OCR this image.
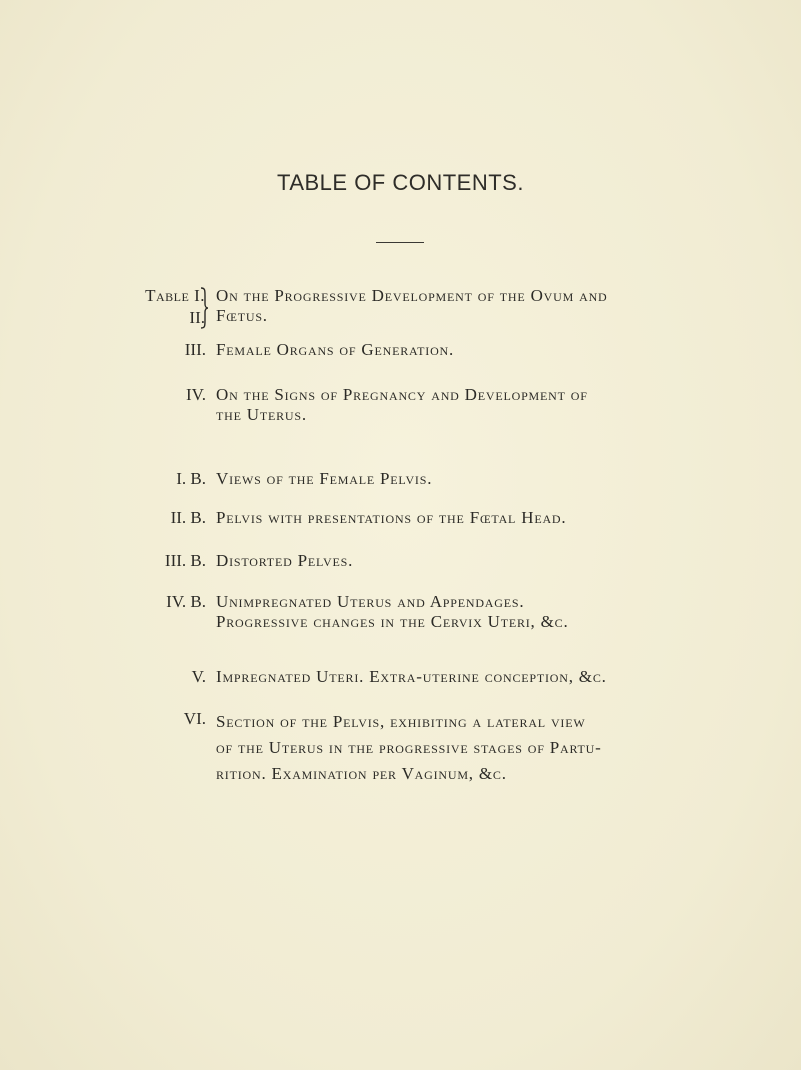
TABLE OF CONTENTS.
Table I.
II.
On the Progressive Development of the Ovum and
Fœtus.
III. Female Organs of Generation.
IV. On the Signs of Pregnancy and Development of
the Uterus.
I. B. Views of the Female Pelvis.
II. B. Pelvis with presentations of the Fœtal Head.
III. B. Distorted Pelves.
IV. B. Unimpregnated Uterus and Appendages.
Progressive changes in the Cervix Uteri, &c.
V. Impregnated Uteri. Extra-uterine conception, &c.
VI. Section of the Pelvis, exhibiting a lateral view
of the Uterus in the progressive stages of Partu-
rition. Examination per Vaginum, &c.
